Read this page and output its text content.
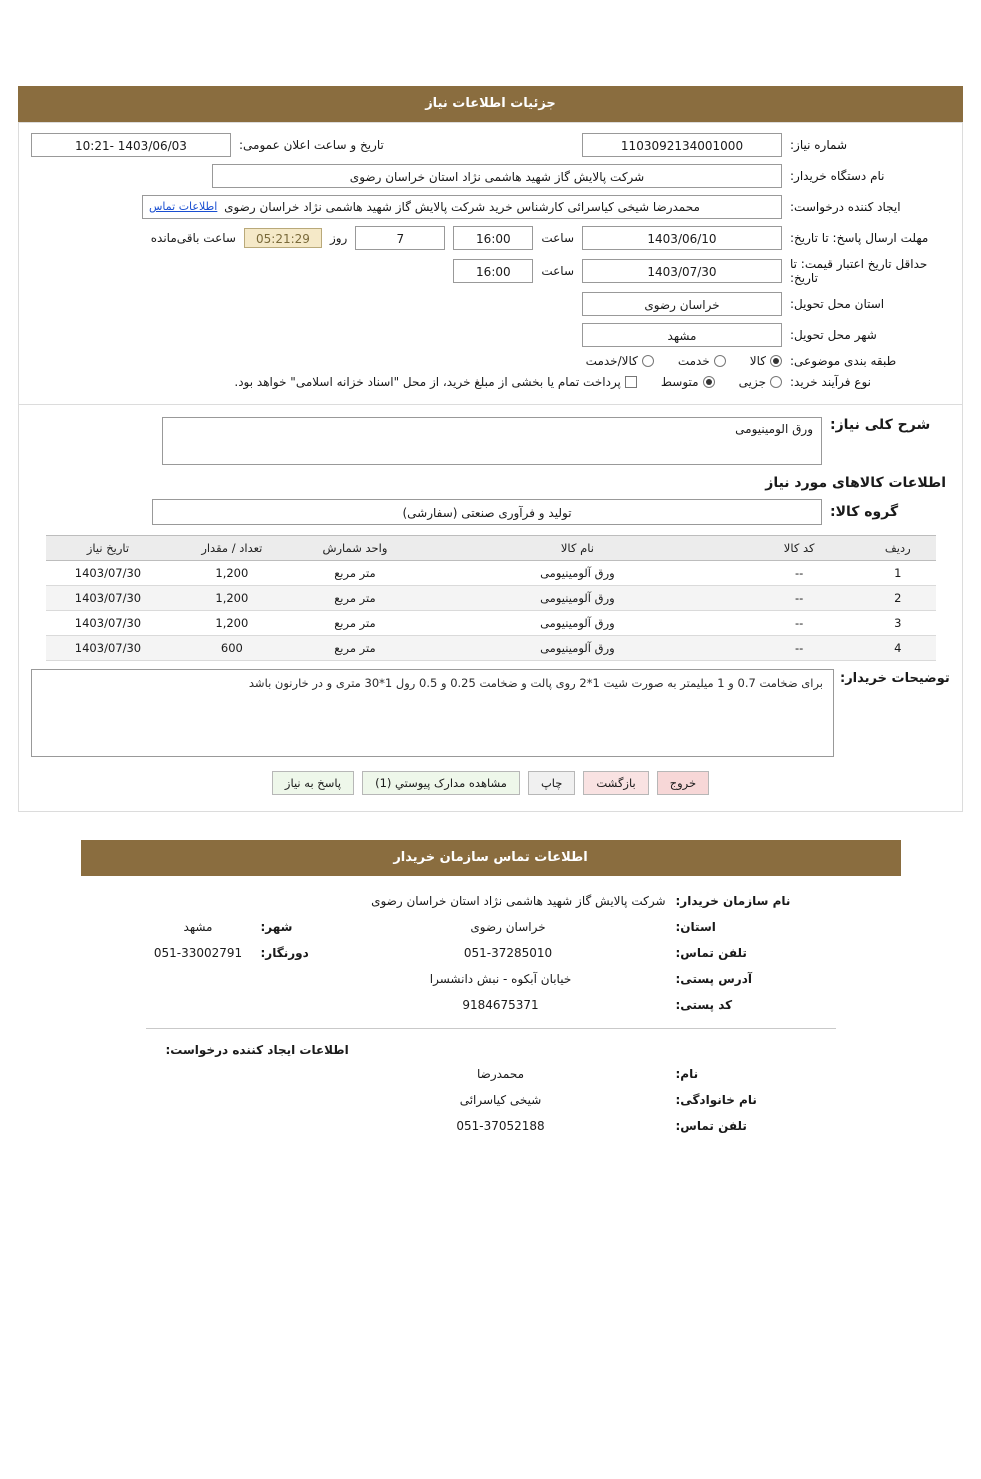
جزئیات اطلاعات نیاز
شماره نیاز:
1103092134001000
تاریخ و ساعت اعلان عمومی:
1403/06/03 -10:21
نام دستگاه خریدار:
شرکت پالایش گاز شهید هاشمی نژاد استان خراسان رضوی
ایجاد کننده درخواست:
محمدرضا شیخی کیاسرائی کارشناس خرید شرکت پالایش گاز شهید هاشمی نژاد خراسان رضوی
اطلاعات تماس
مهلت ارسال پاسخ: تا تاریخ:
1403/06/10
ساعت
16:00
7
روز
05:21:29
ساعت باقی‌مانده
حداقل تاریخ اعتبار قیمت: تا تاریخ:
1403/07/30
ساعت
16:00
استان محل تحویل:
خراسان رضوی
شهر محل تحویل:
مشهد
طبقه بندی موضوعی:
کالا
خدمت
کالا/خدمت
نوع فرآیند خرید:
جزیی
متوسط
پرداخت تمام یا بخشی از مبلغ خرید، از محل "اسناد خزانه اسلامی" خواهد بود.
شرح کلی نیاز:
ورق الومینیومی
اطلاعات کالاهای مورد نیاز
گروه کالا:
تولید و فرآوری صنعتی (سفارشی)
ردیف	کد کالا	نام کالا	واحد شمارش	تعداد / مقدار	تاریخ نیاز
1	--	ورق آلومینیومی	متر مربع	1,200	1403/07/30
2	--	ورق آلومینیومی	متر مربع	1,200	1403/07/30
3	--	ورق آلومینیومی	متر مربع	1,200	1403/07/30
4	--	ورق آلومینیومی	متر مربع	600	1403/07/30
توضیحات خریدار:
برای ضخامت 0.7 و 1 میلیمتر به صورت شیت 1*2 روی پالت و ضخامت 0.25 و 0.5 رول 1*30 متری و در خارنون باشد
خروج
بازگشت
چاپ
مشاهده مدارک پیوستي (1)
پاسخ به نیاز
اطلاعات تماس سازمان خریدار
نام سازمان خریدار:
شرکت پالایش گاز شهید هاشمی نژاد استان خراسان رضوی
استان:
خراسان رضوی
شهر:
مشهد
تلفن تماس:
051-37285010
دورنگار:
051-33002791
آدرس پستی:
خیابان آبکوه - نبش دانشسرا
کد پستی:
9184675371
اطلاعات ایجاد کننده درخواست:
نام:
محمدرضا
نام خانوادگی:
شیخی کیاسرائی
تلفن تماس:
051-37052188
